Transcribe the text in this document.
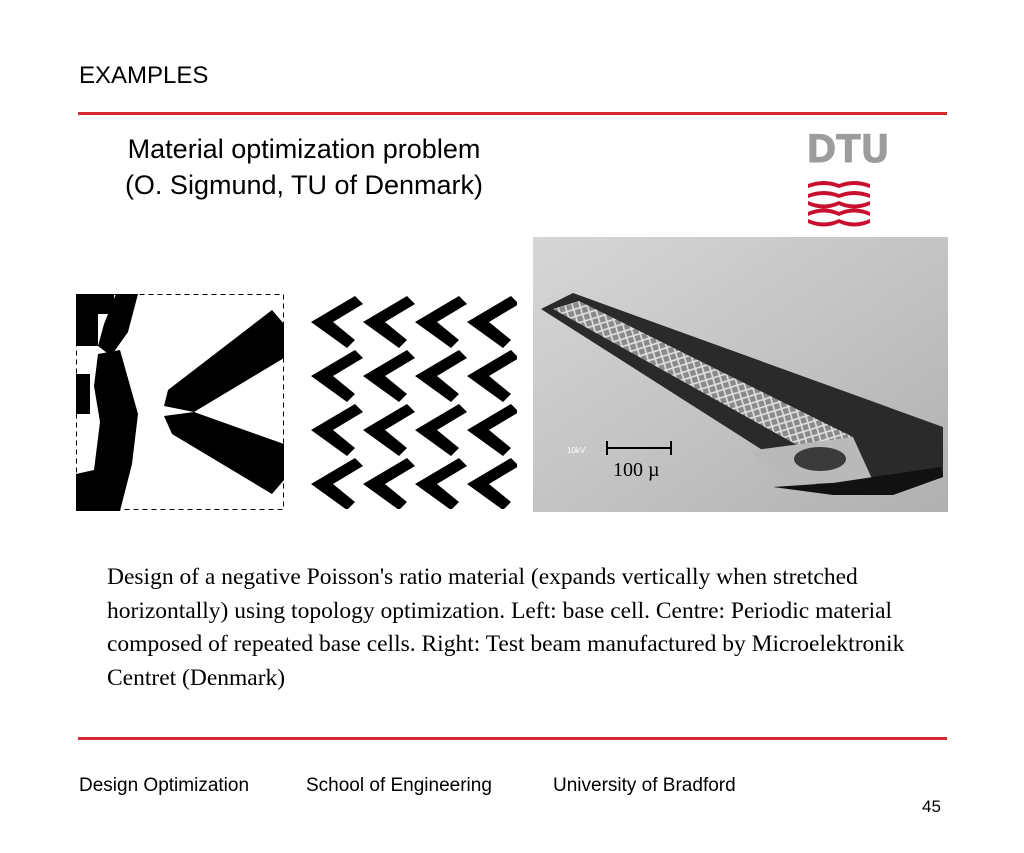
EXAMPLES
Material optimization problem
(O. Sigmund, TU of Denmark)
DTU
100 µ
10kV
Design of a negative Poisson's ratio material (expands vertically when stretched horizontally) using topology optimization. Left: base cell. Centre: Periodic material composed of repeated base cells. Right: Test beam manufactured by Microelektronik Centret (Denmark)
Design Optimization	School of Engineering	University of Bradford
45
